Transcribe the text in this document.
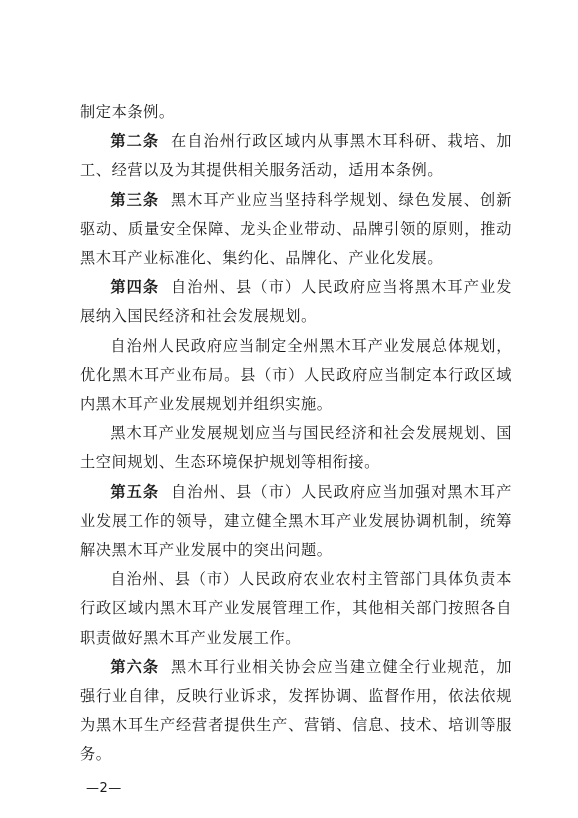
制定本条例。

第二条 在自治州行政区域内从事黑木耳科研、栽培、加工、经营以及为其提供相关服务活动，适用本条例。

第三条 黑木耳产业应当坚持科学规划、绿色发展、创新驱动、质量安全保障、龙头企业带动、品牌引领的原则，推动黑木耳产业标准化、集约化、品牌化、产业化发展。

第四条 自治州、县（市）人民政府应当将黑木耳产业发展纳入国民经济和社会发展规划。

自治州人民政府应当制定全州黑木耳产业发展总体规划，优化黑木耳产业布局。县（市）人民政府应当制定本行政区域内黑木耳产业发展规划并组织实施。

黑木耳产业发展规划应当与国民经济和社会发展规划、国土空间规划、生态环境保护规划等相衔接。

第五条 自治州、县（市）人民政府应当加强对黑木耳产业发展工作的领导，建立健全黑木耳产业发展协调机制，统筹解决黑木耳产业发展中的突出问题。

自治州、县（市）人民政府农业农村主管部门具体负责本行政区域内黑木耳产业发展管理工作，其他相关部门按照各自职责做好黑木耳产业发展工作。

第六条 黑木耳行业相关协会应当建立健全行业规范，加强行业自律，反映行业诉求，发挥协调、监督作用，依法依规为黑木耳生产经营者提供生产、营销、信息、技术、培训等服务。

—2—
